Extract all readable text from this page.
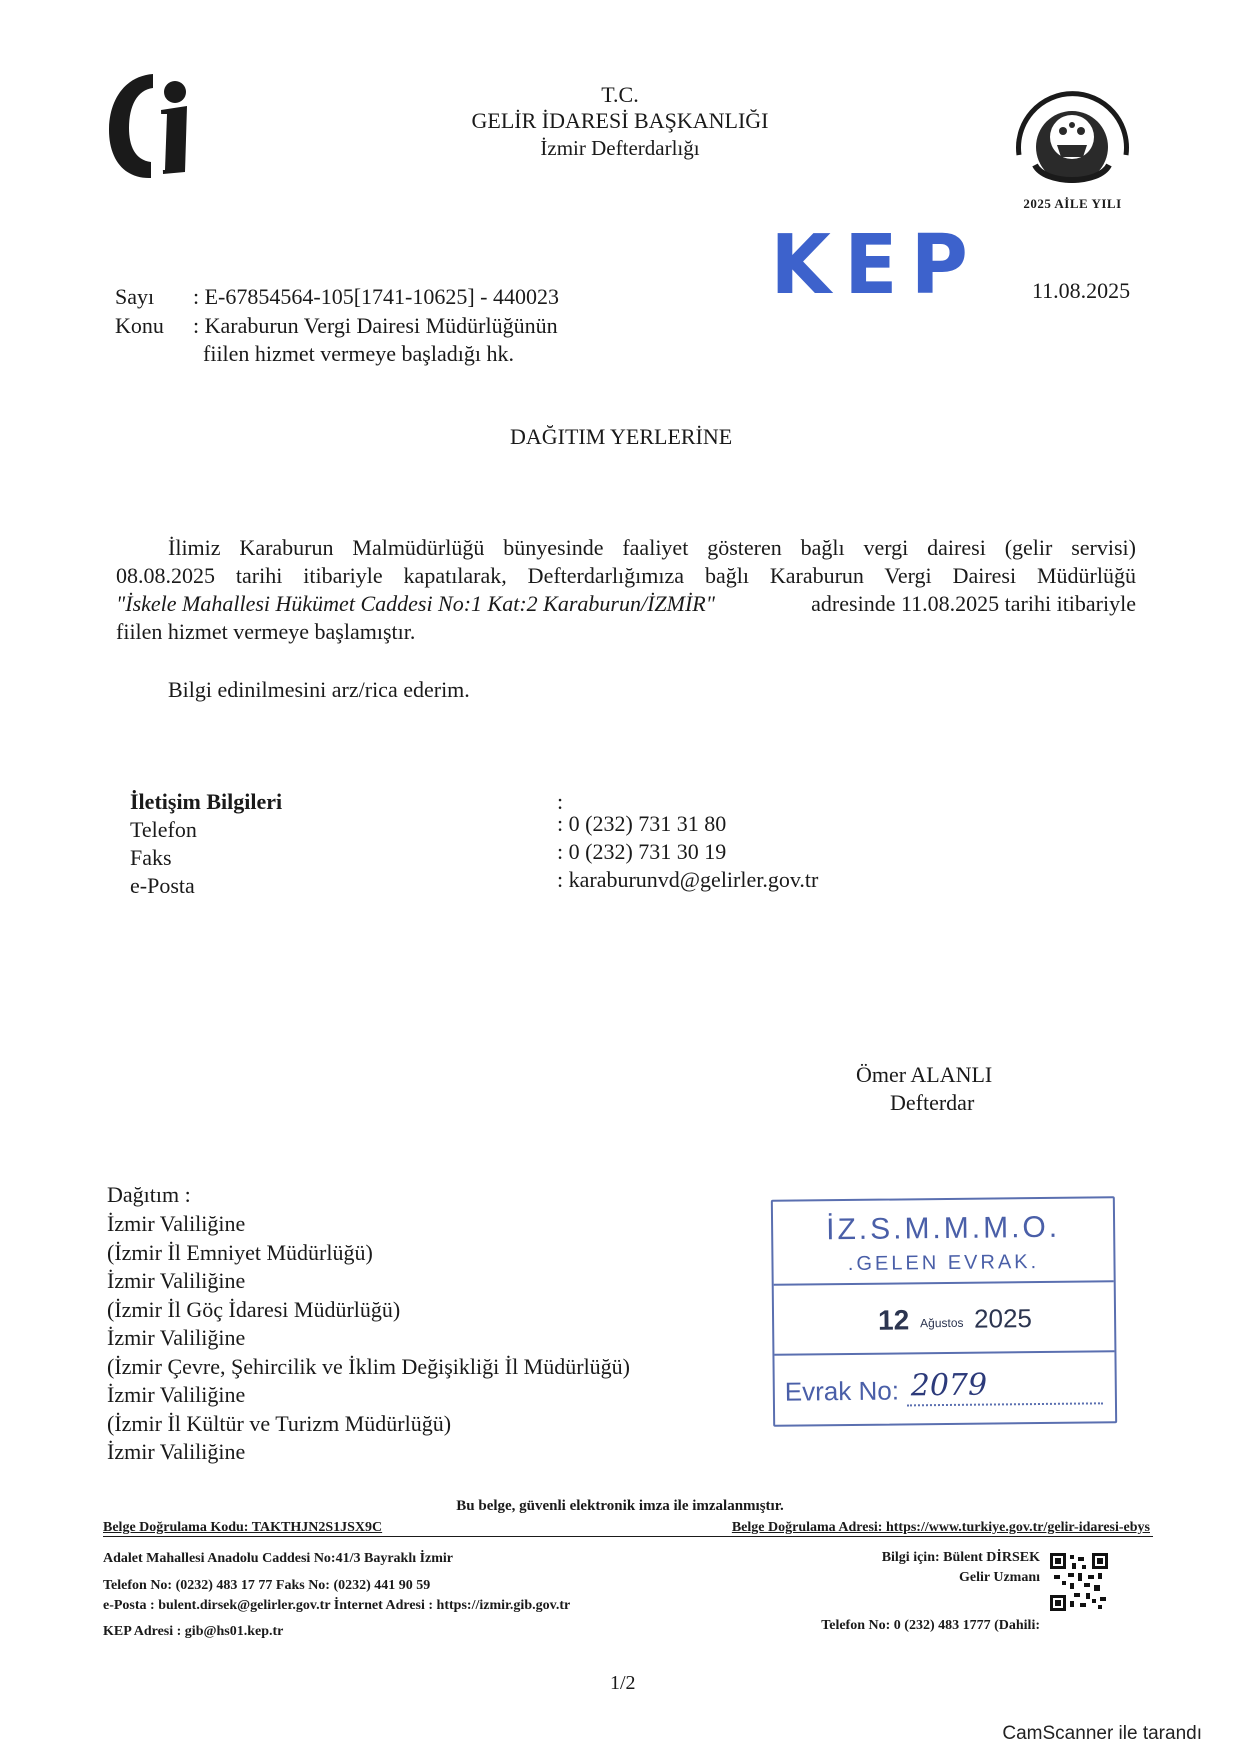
T.C.
GELİR İDARESİ BAŞKANLIĞI
İzmir Defterdarlığı
2025 AİLE YILI
KEP 11.08.2025
Sayı : E-67854564-105[1741-10625] - 440023
Konu : Karaburun Vergi Dairesi Müdürlüğünün
fiilen hizmet vermeye başladığı hk.
DAĞITIM YERLERİNE
İlimiz Karaburun Malmüdürlüğü bünyesinde faaliyet gösteren bağlı vergi dairesi (gelir servisi)
08.08.2025 tarihi itibariyle kapatılarak, Defterdarlığımıza bağlı Karaburun Vergi Dairesi Müdürlüğü
"İskele Mahallesi Hükümet Caddesi No:1 Kat:2 Karaburun/İZMİR"	adresinde 11.08.2025 tarihi itibariyle
fiilen hizmet vermeye başlamıştır.
Bilgi edinilmesini arz/rica ederim.
İletişim Bilgileri	:
Telefon	: 0 (232) 731 31 80
Faks	: 0 (232) 731 30 19
e-Posta	: karaburunvd@gelirler.gov.tr
Ömer ALANLI
Defterdar
Dağıtım :
İzmir Valiliğine
(İzmir İl Emniyet Müdürlüğü)
İzmir Valiliğine
(İzmir İl Göç İdaresi Müdürlüğü)
İzmir Valiliğine
(İzmir Çevre, Şehircilik ve İklim Değişikliği İl Müdürlüğü)
İzmir Valiliğine
(İzmir İl Kültür ve Turizm Müdürlüğü)
İzmir Valiliğine
İZ.S.M.M.M.O.
.GELEN EVRAK.
12 Ağustos 2025
Evrak No: 2079
Bu belge, güvenli elektronik imza ile imzalanmıştır.
Belge Doğrulama Kodu: TAKTHJN2S1JSX9C	Belge Doğrulama Adresi: https://www.turkiye.gov.tr/gelir-idaresi-ebys
Adalet Mahallesi Anadolu Caddesi No:41/3 Bayraklı İzmir
Telefon No: (0232) 483 17 77 Faks No: (0232) 441 90 59
e-Posta : bulent.dirsek@gelirler.gov.tr İnternet Adresi : https://izmir.gib.gov.tr
KEP Adresi : gib@hs01.kep.tr
Bilgi için: Bülent DİRSEK
Gelir Uzmanı
Telefon No: 0 (232) 483 1777 (Dahili:
1/2
CamScanner ile tarandı
